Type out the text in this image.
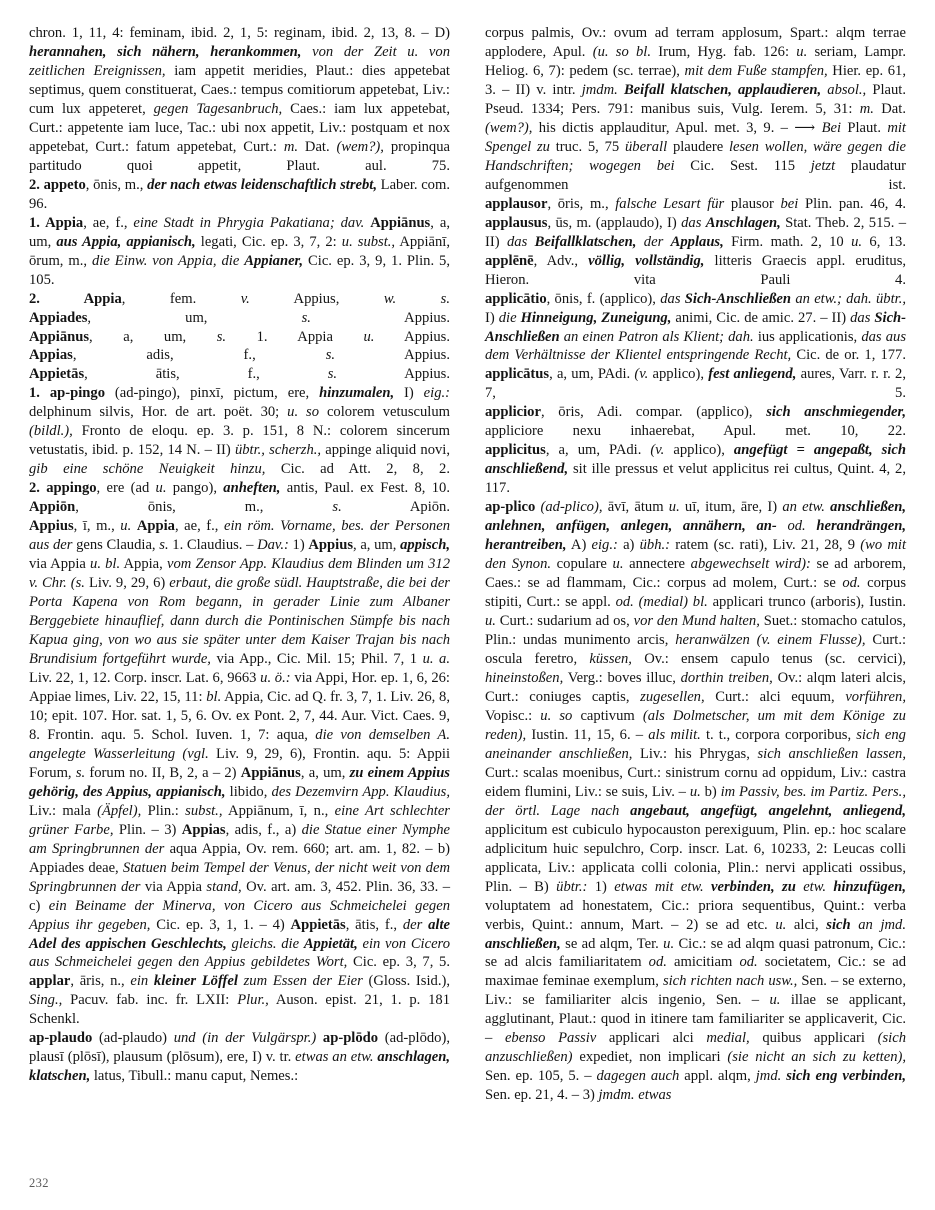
chron. 1, 11, 4: feminam, ibid. 2, 1, 5: reginam, ibid. 2, 13, 8. – D) herannahen, sich nähern, herankommen, von der Zeit u. von zeitlichen Ereignissen, iam appetit meridies, Plaut.: dies appetebat septimus, quem constituerat, Caes.: tempus comitiorum appetebat, Liv.: cum lux appeteret, gegen Tagesanbruch, Caes.: iam lux appetebat, Curt.: appetente iam luce, Tac.: ubi nox appetit, Liv.: postquam et nox appetebat, Curt.: fatum appetebat, Curt.: m. Dat. (wem?), propinqua partitudo quoi appetit, Plaut. aul. 75.

2. appeto, ōnis, m., der nach etwas leidenschaftlich strebt, Laber. com. 96.

1. Appia, ae, f., eine Stadt in Phrygia Pakatiana; dav. Appiānus, a, um, aus Appia, appianisch, legati, Cic. ep. 3, 7, 2: u. subst., Appiānī, ōrum, m., die Einw. von Appia, die Appianer, Cic. ep. 3, 9, 1. Plin. 5, 105.

2. Appia, fem. v. Appius, w. s.

Appiades, um, s. Appius.

Appiānus, a, um, s. 1. Appia u. Appius.

Appias, adis, f., s. Appius.

Appietās, ātis, f., s. Appius.

1. ap-pingo (ad-pingo), pinxī, pictum, ere, hinzumalen, I) eig.: delphinum silvis, Hor. de art. poët. 30; u. so colorem vetusculum (bildl.), Fronto de eloqu. ep. 3. p. 151, 8 N.: colorem sincerum vetustatis, ibid. p. 152, 14 N. – II) übtr., scherzh., appinge aliquid novi, gib eine schöne Neuigkeit hinzu, Cic. ad Att. 2, 8, 2.

2. appingo, ere (ad u. pango), anheften, antis, Paul. ex Fest. 8, 10.

Appiōn, ōnis, m., s. Apiōn.

Appius, ī, m., u. Appia, ae, f., ein röm. Vorname, bes. der Personen aus der gens Claudia, s. 1. Claudius. – Dav.: 1) Appius, a, um, appisch, via Appia u. bl. Appia, vom Zensor App. Klaudius dem Blinden um 312 v. Chr. (s. Liv. 9, 29, 6) erbaut, die große südl. Hauptstraße, die bei der Porta Kapena von Rom begann, in gerader Linie zum Albaner Berggebiete hinauflief, dann durch die Pontinischen Sümpfe bis nach Kapua ging, von wo aus sie später unter dem Kaiser Trajan bis nach Brundisium fortgeführt wurde, via App., Cic. Mil. 15; Phil. 7, 1 u. a. Liv. 22, 1, 12. Corp. inscr. Lat. 6, 9663 u. ö.: via Appi, Hor. ep. 1, 6, 26: Appiae limes, Liv. 22, 15, 11: bl. Appia, Cic. ad Q. fr. 3, 7, 1. Liv. 26, 8, 10; epit. 107. Hor. sat. 1, 5, 6. Ov. ex Pont. 2, 7, 44. Aur. Vict. Caes. 9, 8. Frontin. aqu. 5. Schol. Iuven. 1, 7: aqua, die von demselben A. angelegte Wasserleitung (vgl. Liv. 9, 29, 6), Frontin. aqu. 5: Appii Forum, s. forum no. II, B, 2, a – 2) Appiānus, a, um, zu einem Appius gehörig, des Appius, appianisch, libido, des Dezemvirn App. Klaudius, Liv.: mala (Äpfel), Plin.: subst., Appiānum, ī, n., eine Art schlechter grüner Farbe, Plin. – 3) Appias, adis, f., a) die Statue einer Nymphe am Springbrunnen der aqua Appia, Ov. rem. 660; art. am. 1, 82. – b) Appiades deae, Statuen beim Tempel der Venus, der nicht weit von dem Springbrunnen der via Appia stand, Ov. art. am. 3, 452. Plin. 36, 33. – c) ein Beiname der Minerva, von Cicero aus Schmeichelei gegen Appius ihr gegeben, Cic. ep. 3, 1, 1. – 4) Appietās, ātis, f., der alte Adel des appischen Geschlechts, gleichs. die Appietät, ein von Cicero aus Schmeichelei gegen den Appius gebildetes Wort, Cic. ep. 3, 7, 5.

applar, āris, n., ein kleiner Löffel zum Essen der Eier (Gloss. Isid.), Sing., Pacuv. fab. inc. fr. LXII: Plur., Auson. epist. 21, 1. p. 181 Schenkl.

ap-plaudo (ad-plaudo) und (in der Vulgärspr.) ap-plōdo (ad-plōdo), plausī (plōsī), plausum (plōsum), ere, I) v. tr. etwas an etw. anschlagen, klatschen, latus, Tibull.: manu caput, Nemes.:

corpus palmis, Ov.: ovum ad terram applosum, Spart.: alqm terrae applodere, Apul. (u. so bl. Irum, Hyg. fab. 126: u. seriam, Lampr. Heliog. 6, 7): pedem (sc. terrae), mit dem Fuße stampfen, Hier. ep. 61, 3. – II) v. intr. jmdm. Beifall klatschen, applaudieren, absol., Plaut. Pseud. 1334; Pers. 791: manibus suis, Vulg. Ierem. 5, 31: m. Dat. (wem?), his dictis applauditur, Apul. met. 3, 9. – ⟶ Bei Plaut. mit Spengel zu truc. 5, 75 überall plaudere lesen wollen, wäre gegen die Handschriften; wogegen bei Cic. Sest. 115 jetzt plaudatur aufgenommen ist.

applausor, ōris, m., falsche Lesart für plausor bei Plin. pan. 46, 4.

applausus, ūs, m. (applaudo), I) das Anschlagen, Stat. Theb. 2, 515. – II) das Beifallklatschen, der Applaus, Firm. math. 2, 10 u. 6, 13.

applēnē, Adv., völlig, vollständig, litteris Graecis appl. eruditus, Hieron. vita Pauli 4.

applicātio, ōnis, f. (applico), das Sich-Anschließen an etw.; dah. übtr., I) die Hinneigung, Zuneigung, animi, Cic. de amic. 27. – II) das Sich-Anschließen an einen Patron als Klient; dah. ius applicationis, das aus dem Verhältnisse der Klientel entspringende Recht, Cic. de or. 1, 177.

applicātus, a, um, PAdi. (v. applico), fest anliegend, aures, Varr. r. r. 2, 7, 5.

applicior, ōris, Adi. compar. (applico), sich anschmiegender, appliciore nexu inhaerebat, Apul. met. 10, 22.

applicitus, a, um, PAdi. (v. applico), angefügt = angepaßt, sich anschließend, sit ille pressus et velut applicitus rei cultus, Quint. 4, 2, 117.

ap-plico (ad-plico), āvī, ātum u. uī, itum, āre, I) an etw. anschließen, anlehnen, anfügen, anlegen, annähern, an- od. herandrängen, herantreiben, A) eig.: a) übh.: ratem (sc. rati), Liv. 21, 28, 9 (wo mit den Synon. copulare u. annectere abgewechselt wird): se ad arborem, Caes.: se ad flammam, Cic.: corpus ad molem, Curt.: se od. corpus stipiti, Curt.: se appl. od. (medial) bl. applicari trunco (arboris), Iustin. u. Curt.: sudarium ad os, vor den Mund halten, Suet.: stomacho catulos, Plin.: undas munimento arcis, heranwälzen (v. einem Flusse), Curt.: oscula feretro, küssen, Ov.: ensem capulo tenus (sc. cervici), hineinstoßen, Verg.: boves illuc, dorthin treiben, Ov.: alqm lateri alcis, Curt.: coniuges captis, zugesellen, Curt.: alci equum, vorführen, Vopisc.: u. so captivum (als Dolmetscher, um mit dem Könige zu reden), Iustin. 11, 15, 6. – als milit. t. t., corpora corporibus, sich eng aneinander anschließen, Liv.: his Phrygas, sich anschließen lassen, Curt.: scalas moenibus, Curt.: sinistrum cornu ad oppidum, Liv.: castra eidem flumini, Liv.: se suis, Liv. – u. b) im Passiv, bes. im Partiz. Pers., der örtl. Lage nach angebaut, angefügt, angelehnt, anliegend, applicitum est cubiculo hypocauston perexiguum, Plin. ep.: hoc scalare adplicitum huic sepulchro, Corp. inscr. Lat. 6, 10233, 2: Leucas colli applicata, Liv.: applicata colli colonia, Plin.: nervi applicati ossibus, Plin. – B) übtr.: 1) etwas mit etw. verbinden, zu etw. hinzufügen, voluptatem ad honestatem, Cic.: priora sequentibus, Quint.: verba verbis, Quint.: annum, Mart. – 2) se ad etc. u. alci, sich an jmd. anschließen, se ad alqm, Ter. u. Cic.: se ad alqm quasi patronum, Cic.: se ad alcis familiaritatem od. amicitiam od. societatem, Cic.: se ad maximae feminae exemplum, sich richten nach usw., Sen. – se externo, Liv.: se familiariter alcis ingenio, Sen. – u. illae se applicant, agglutinant, Plaut.: quod in itinere tam familiariter se applicaverit, Cic. – ebenso Passiv applicari alci medial, quibus applicari (sich anzuschließen) expediet, non implicari (sie nicht an sich zu ketten), Sen. ep. 105, 5. – dagegen auch appl. alqm, jmd. sich eng verbinden, Sen. ep. 21, 4. – 3) jmdm. etwas

232
